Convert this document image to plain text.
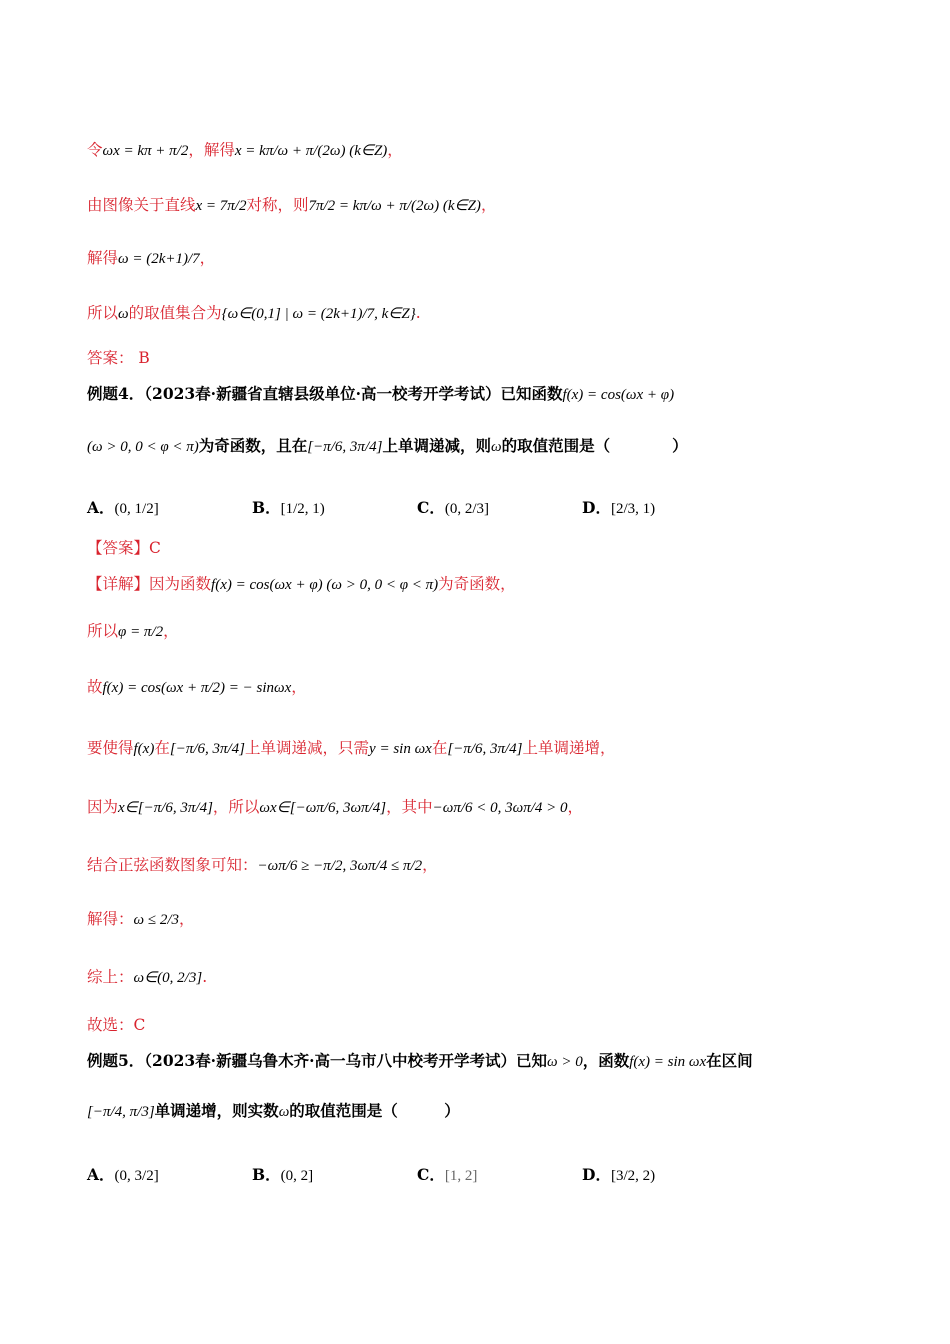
令ωx = kπ + π/2，解得x = kπ/ω + π/(2ω) (k∈Z)，
由图像关于直线x = 7π/2对称，则7π/2 = kπ/ω + π/(2ω) (k∈Z)，
解得ω = (2k+1)/7，
所以ω的取值集合为{ω∈(0,1] | ω = (2k+1)/7, k∈Z}.
答案： B
例题4．（2023春·新疆省直辖县级单位·高一校考开学考试）已知函数f(x) = cos(ωx + φ)
(ω > 0, 0 < φ < π)为奇函数，且在[−π/6, 3π/4]上单调递减，则ω的取值范围是（　　　　）
A．(0, 1/2]	B．[1/2, 1)	C．(0, 2/3]	D．[2/3, 1)
【答案】C
【详解】因为函数f(x) = cos(ωx + φ) (ω > 0, 0 < φ < π)为奇函数，
所以φ = π/2，
故f(x) = cos(ωx + π/2) = − sinωx，
要使得f(x)在[−π/6, 3π/4]上单调递减，只需y = sin ωx在[−π/6, 3π/4]上单调递增，
因为x∈[−π/6, 3π/4]，所以ωx∈[−ωπ/6, 3ωπ/4]，其中−ωπ/6 < 0, 3ωπ/4 > 0，
结合正弦函数图象可知：−ωπ/6 ≥ −π/2, 3ωπ/4 ≤ π/2，
解得：ω ≤ 2/3，
综上：ω∈(0, 2/3].
故选：C
例题5．（2023春·新疆乌鲁木齐·高一乌市八中校考开学考试）已知ω > 0，函数f(x) = sin ωx在区间
[−π/4, π/3]单调递增，则实数ω的取值范围是（　　　）
A．(0, 3/2]	B．(0, 2]	C．[1, 2]	D．[3/2, 2)
